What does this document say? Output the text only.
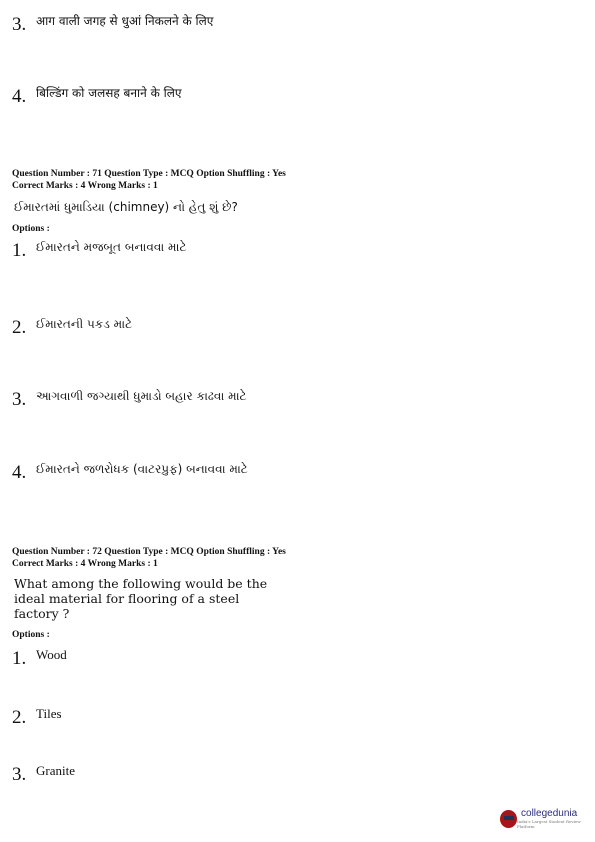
3. आग वाली जगह से धुआं निकलने के लिए
4. बिल्डिंग को जलसह बनाने के लिए
Question Number : 71 Question Type : MCQ Option Shuffling : Yes
Correct Marks : 4 Wrong Marks : 1
ઈમારતમાં ધુમાડિયા (chimney) નો હેતુ શું છે?
Options :
1. ઈમારતને મજબૂત બનાવવા માટે
2. ઈમારતની પકડ માટે
3. આગવાળી જગ્યાથી ધુમાડો બહાર કાઢવા માટે
4. ઈમારતને જળરોધક (વાટરપ્રુફ) બનાવવા માટે
Question Number : 72 Question Type : MCQ Option Shuffling : Yes
Correct Marks : 4 Wrong Marks : 1
What among the following would be the
ideal material for flooring of a steel
factory ?
Options :
1. Wood
2. Tiles
3. Granite
collegedunia
India's Largest Student Review Platform
